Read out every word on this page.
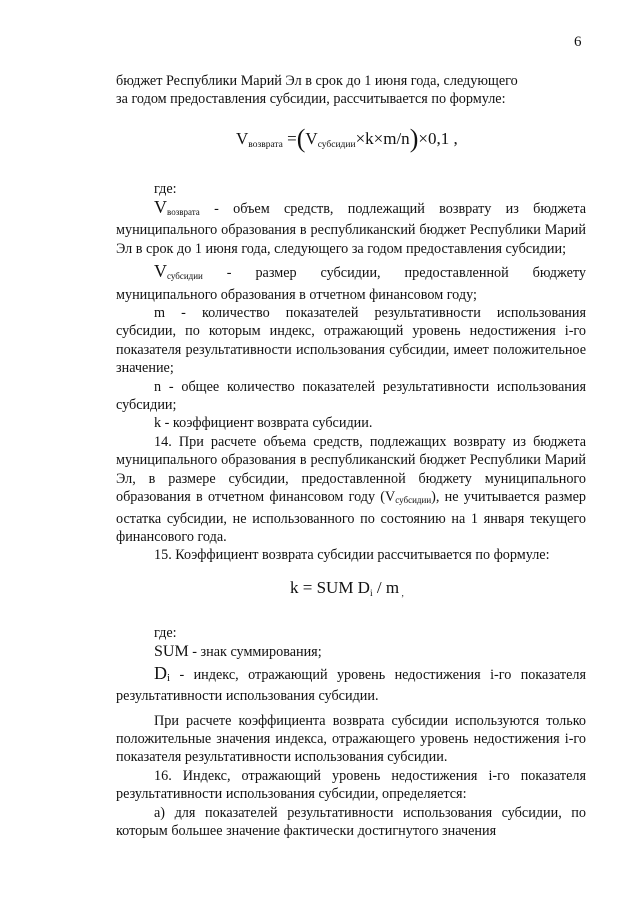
6

бюджет Республики Марий Эл в срок до 1 июня года, следующего

за годом предоставления субсидии, рассчитывается по формуле:

$V_{возврата} =(V_{субсидии}\times k\times m/n)\times 0,1$ ,

где:

$V_{возврата}$ - объем средств, подлежащий возврату из бюджета муниципального образования в республиканский бюджет Республики Марий Эл в срок до 1 июня года, следующего за годом предоставления субсидии;

$V_{субсидии}$ - размер субсидии, предоставленной бюджету муниципального образования в отчетном финансовом году;

m - количество показателей результативности использования субсидии, по которым индекс, отражающий уровень недостижения i-го показателя результативности использования субсидии, имеет положительное значение;

n - общее количество показателей результативности использования субсидии;

k - коэффициент возврата субсидии.

14. При расчете объема средств, подлежащих возврату из бюджета муниципального образования в республиканский бюджет Республики Марий Эл, в размере субсидии, предоставленной бюджету муниципального образования в отчетном финансовом году $(V_{субсидии})$, не учитывается размер остатка субсидии, не использованного по состоянию на 1 января текущего финансового года.

15. Коэффициент возврата субсидии рассчитывается по формуле:

k = SUM $D_i$ / m $_,$

где:

SUM - знак суммирования;

$D_i$ - индекс, отражающий уровень недостижения i-го показателя результативности использования субсидии.

При расчете коэффициента возврата субсидии используются только положительные значения индекса, отражающего уровень недостижения i-го показателя результативности использования субсидии.

16. Индекс, отражающий уровень недостижения i-го показателя результативности использования субсидии, определяется:

а) для показателей результативности использования субсидии, по которым большее значение фактически достигнутого значения
